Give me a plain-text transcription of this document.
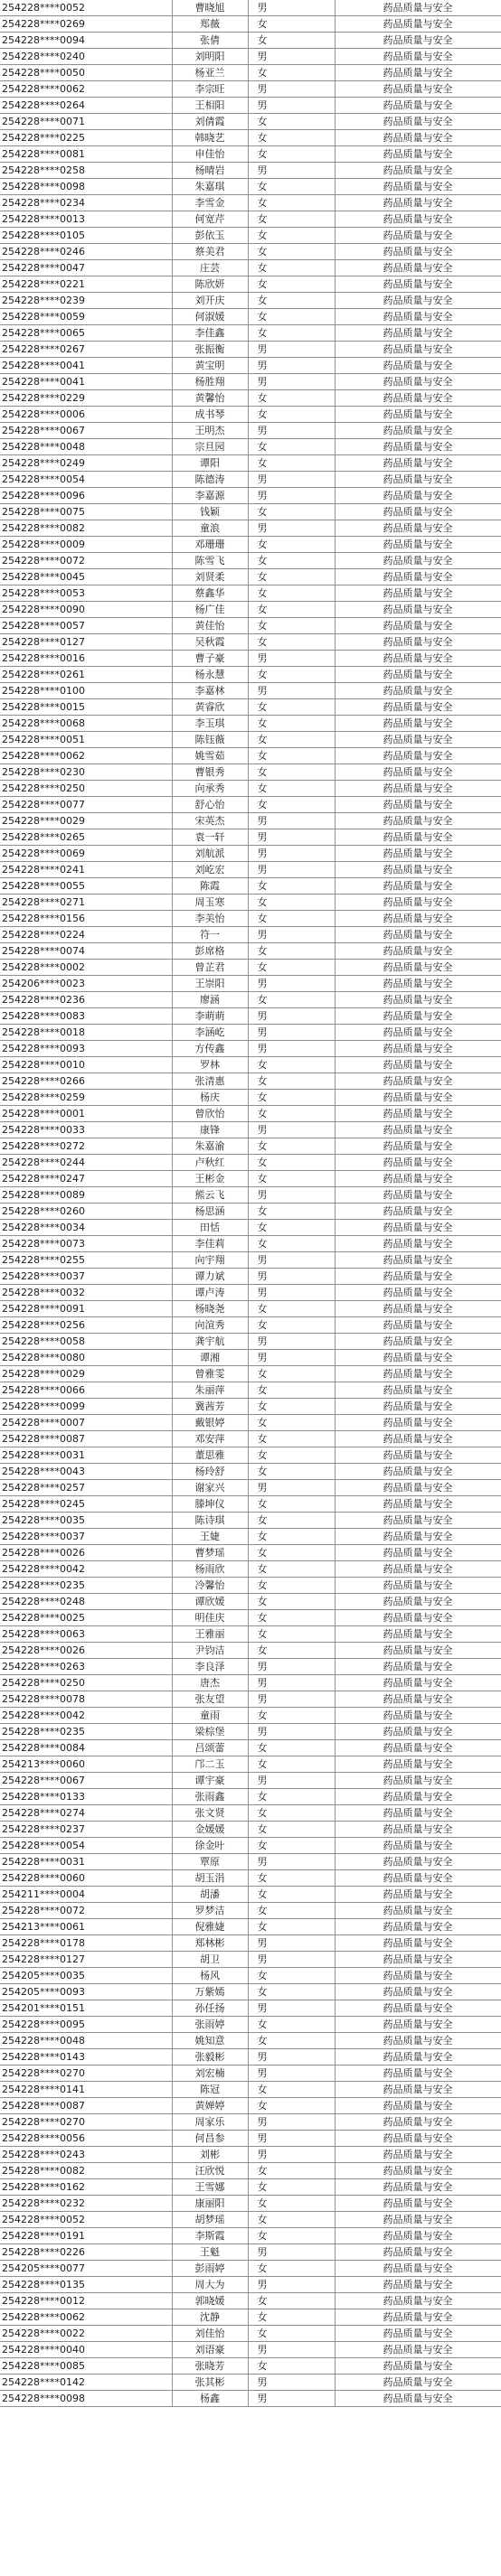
254228****0052	曹晓旭	男	药品质量与安全
254228****0269	郑薇	女	药品质量与安全
254228****0094	张倩	女	药品质量与安全
254228****0240	刘明阳	男	药品质量与安全
254228****0050	杨亚兰	女	药品质量与安全
254228****0062	李宗旺	男	药品质量与安全
254228****0264	王相阳	男	药品质量与安全
254228****0071	刘倩霞	女	药品质量与安全
254228****0225	韩晓艺	女	药品质量与安全
254228****0081	申佳怡	女	药品质量与安全
254228****0258	杨晴岩	男	药品质量与安全
254228****0098	朱嘉琪	女	药品质量与安全
254228****0234	李雪金	女	药品质量与安全
254228****0013	何宽芹	女	药品质量与安全
254228****0105	彭依玉	女	药品质量与安全
254228****0246	蔡美君	女	药品质量与安全
254228****0047	庄芸	女	药品质量与安全
254228****0221	陈欣妍	女	药品质量与安全
254228****0239	刘开庆	女	药品质量与安全
254228****0059	何淑媛	女	药品质量与安全
254228****0065	李佳鑫	女	药品质量与安全
254228****0267	张振衡	男	药品质量与安全
254228****0041	黄宝明	男	药品质量与安全
254228****0041	杨胜翔	男	药品质量与安全
254228****0229	黄馨怡	女	药品质量与安全
254228****0006	成书琴	女	药品质量与安全
254228****0067	王明杰	男	药品质量与安全
254228****0048	宗旦园	女	药品质量与安全
254228****0249	谭阳	女	药品质量与安全
254228****0054	陈德涛	男	药品质量与安全
254228****0096	李嘉源	男	药品质量与安全
254228****0075	钱颖	女	药品质量与安全
254228****0082	童浪	男	药品质量与安全
254228****0009	邓珊珊	女	药品质量与安全
254228****0072	陈雪飞	女	药品质量与安全
254228****0045	刘贤柔	女	药品质量与安全
254228****0053	蔡鑫华	女	药品质量与安全
254228****0090	杨广佳	女	药品质量与安全
254228****0057	黄佳怡	女	药品质量与安全
254228****0127	吴秋霞	女	药品质量与安全
254228****0016	曹子豪	男	药品质量与安全
254228****0261	杨永慧	女	药品质量与安全
254228****0100	李嘉林	男	药品质量与安全
254228****0015	黄睿欣	女	药品质量与安全
254228****0068	李玉琪	女	药品质量与安全
254228****0051	陈钰薇	女	药品质量与安全
254228****0062	姚雪茹	女	药品质量与安全
254228****0230	曹银秀	女	药品质量与安全
254228****0250	向承秀	女	药品质量与安全
254228****0077	舒心怡	女	药品质量与安全
254228****0029	宋英杰	男	药品质量与安全
254228****0265	袁一轩	男	药品质量与安全
254228****0069	刘航派	男	药品质量与安全
254228****0241	刘屹宏	男	药品质量与安全
254228****0055	陈霞	女	药品质量与安全
254228****0271	周玉寒	女	药品质量与安全
254228****0156	李美怡	女	药品质量与安全
254228****0224	符一	男	药品质量与安全
254228****0074	彭席格	女	药品质量与安全
254228****0002	曾芷君	女	药品质量与安全
254206****0023	王崇阳	男	药品质量与安全
254228****0236	廖涵	女	药品质量与安全
254228****0083	李萌萌	男	药品质量与安全
254228****0018	李涵屹	男	药品质量与安全
254228****0093	方传鑫	男	药品质量与安全
254228****0010	罗林	女	药品质量与安全
254228****0266	张清惠	女	药品质量与安全
254228****0259	杨庆	女	药品质量与安全
254228****0001	曾欣怡	女	药品质量与安全
254228****0033	康锋	男	药品质量与安全
254228****0272	朱嘉渝	女	药品质量与安全
254228****0244	卢秋红	女	药品质量与安全
254228****0247	王彬金	女	药品质量与安全
254228****0089	熊云飞	男	药品质量与安全
254228****0260	杨思涵	女	药品质量与安全
254228****0034	田恬	女	药品质量与安全
254228****0073	李佳莉	女	药品质量与安全
254228****0255	向宇翔	男	药品质量与安全
254228****0037	谭力斌	男	药品质量与安全
254228****0032	谭卢涛	男	药品质量与安全
254228****0091	杨晓尧	女	药品质量与安全
254228****0256	向渲秀	女	药品质量与安全
254228****0058	龚宇航	男	药品质量与安全
254228****0080	谭湘	男	药品质量与安全
254228****0029	曾雅雯	女	药品质量与安全
254228****0066	朱丽萍	女	药品质量与安全
254228****0099	冀茜芳	女	药品质量与安全
254228****0007	戴银婷	女	药品质量与安全
254228****0087	邓安萍	女	药品质量与安全
254228****0031	董思雅	女	药品质量与安全
254228****0043	杨玲舒	女	药品质量与安全
254228****0257	谢家兴	男	药品质量与安全
254228****0245	滕坤仪	女	药品质量与安全
254228****0035	陈诗琪	女	药品质量与安全
254228****0037	王婕	女	药品质量与安全
254228****0026	曹梦瑶	女	药品质量与安全
254228****0042	杨雨欣	女	药品质量与安全
254228****0235	冷馨怡	女	药品质量与安全
254228****0248	谭欣媛	女	药品质量与安全
254228****0025	明佳庆	女	药品质量与安全
254228****0063	王雅丽	女	药品质量与安全
254228****0026	尹钧洁	女	药品质量与安全
254228****0263	李良泽	男	药品质量与安全
254228****0250	唐杰	男	药品质量与安全
254228****0078	张友望	男	药品质量与安全
254228****0042	童雨	女	药品质量与安全
254228****0235	梁棕堡	男	药品质量与安全
254228****0084	吕颂蕾	女	药品质量与安全
254213****0060	邝二玉	女	药品质量与安全
254228****0067	谭宇豪	男	药品质量与安全
254228****0133	张雨鑫	女	药品质量与安全
254228****0274	张文贤	女	药品质量与安全
254228****0237	金媛媛	女	药品质量与安全
254228****0054	徐金叶	女	药品质量与安全
254228****0031	覃原	男	药品质量与安全
254228****0060	胡玉涓	女	药品质量与安全
254211****0004	胡潘	女	药品质量与安全
254228****0072	罗梦洁	女	药品质量与安全
254213****0061	倪雅婕	女	药品质量与安全
254228****0178	郑林彬	男	药品质量与安全
254228****0127	胡卫	男	药品质量与安全
254205****0035	杨风	女	药品质量与安全
254205****0093	万紫嫣	女	药品质量与安全
254201****0151	孙任扬	男	药品质量与安全
254228****0095	张雨婷	女	药品质量与安全
254228****0048	姚知意	女	药品质量与安全
254228****0143	张毅彬	男	药品质量与安全
254228****0270	刘宏楠	男	药品质量与安全
254228****0141	陈冠	女	药品质量与安全
254228****0087	黄婵婷	女	药品质量与安全
254228****0270	周家乐	男	药品质量与安全
254228****0056	何昌参	男	药品质量与安全
254228****0243	刘彬	男	药品质量与安全
254228****0082	汪欣悦	女	药品质量与安全
254228****0162	王雪娜	女	药品质量与安全
254228****0232	康丽阳	女	药品质量与安全
254228****0052	胡梦瑶	女	药品质量与安全
254228****0191	李斯霞	女	药品质量与安全
254228****0226	王魁	男	药品质量与安全
254205****0077	彭雨婷	女	药品质量与安全
254228****0135	周大为	男	药品质量与安全
254228****0012	郭晓媛	女	药品质量与安全
254228****0062	沈静	女	药品质量与安全
254228****0022	刘佳怡	女	药品质量与安全
254228****0040	刘语豪	男	药品质量与安全
254228****0085	张晓芳	女	药品质量与安全
254228****0142	张其彬	男	药品质量与安全
254228****0098	杨鑫	男	药品质量与安全
